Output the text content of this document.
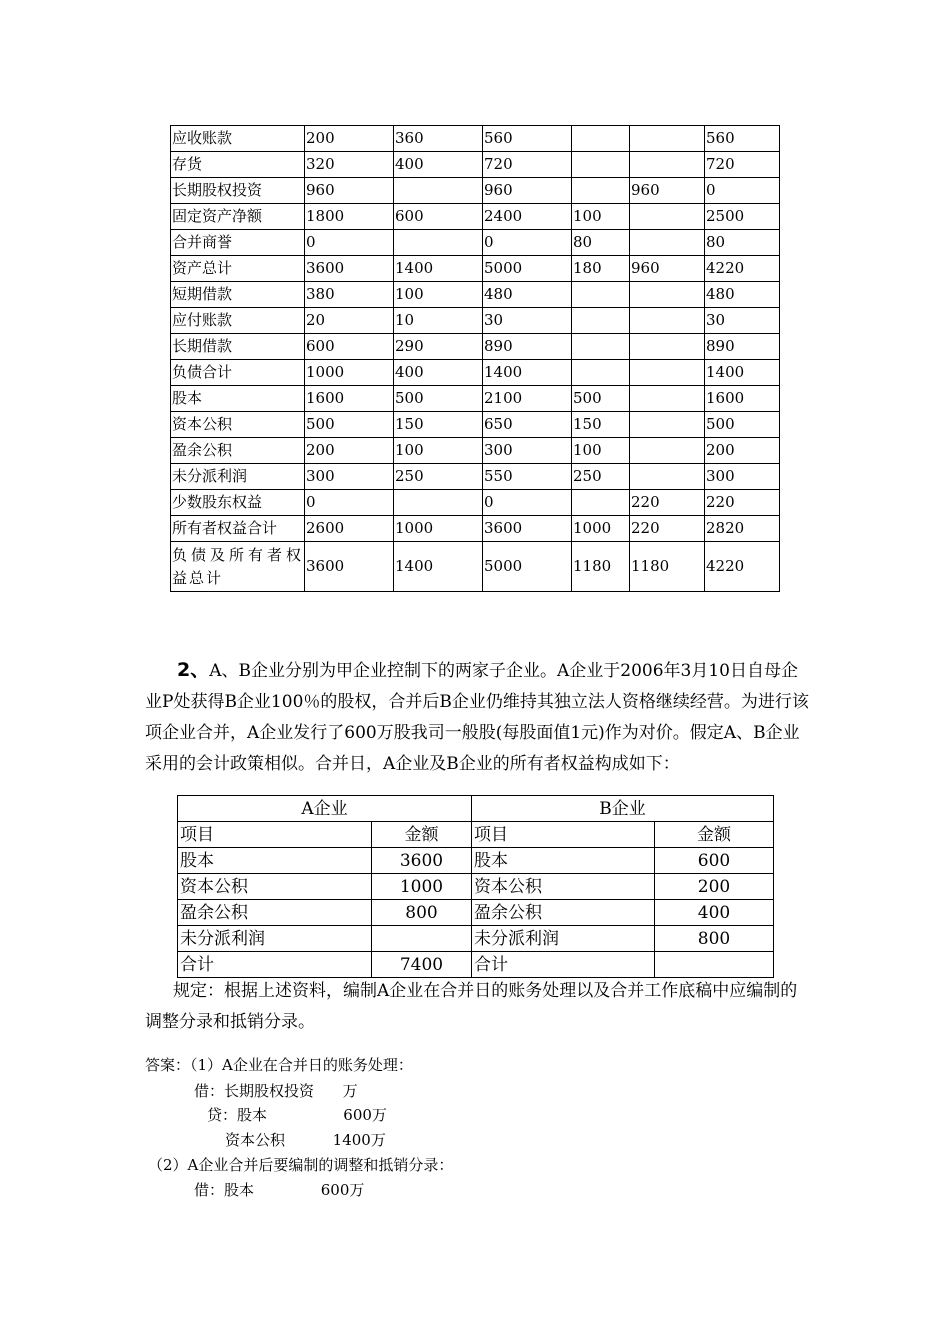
应收账款	200	360	560			560
存货	320	400	720			720
长期股权投资	960		960		960	0
固定资产净额	1800	600	2400	100		2500
合并商誉	0		0	80		80
资产总计	3600	1400	5000	180	960	4220
短期借款	380	100	480			480
应付账款	20	10	30			30
长期借款	600	290	890			890
负债合计	1000	400	1400			1400
股本	1600	500	2100	500		1600
资本公积	500	150	650	150		500
盈余公积	200	100	300	100		200
未分派利润	300	250	550	250		300
少数股东权益	0		0		220	220
所有者权益合计	2600	1000	3600	1000	220	2820
负债及所有者权益总计	3600	1400	5000	1180	1180	4220

2、A、B企业分别为甲企业控制下的两家子企业。A企业于2006年3月10日自母企业P处获得B企业100％的股权，合并后B企业仍维持其独立法人资格继续经营。为进行该项企业合并，A企业发行了600万股我司一般股(每股面值1元)作为对价。假定A、B企业采用的会计政策相似。合并日，A企业及B企业的所有者权益构成如下：

A企业		B企业	
项目	金额	项目	金额
股本	3600	股本	600
资本公积	1000	资本公积	200
盈余公积	800	盈余公积	400
未分派利润		未分派利润	800
合计	7400	合计	

规定：根据上述资料，编制A企业在合并日的账务处理以及合并工作底稿中应编制的调整分录和抵销分录。

答案：（1）A企业在合并日的账务处理：
借：长期股权投资      万
贷：股本                600万
资本公积          1400万
（2）A企业合并后要编制的调整和抵销分录：
借：股本              600万
